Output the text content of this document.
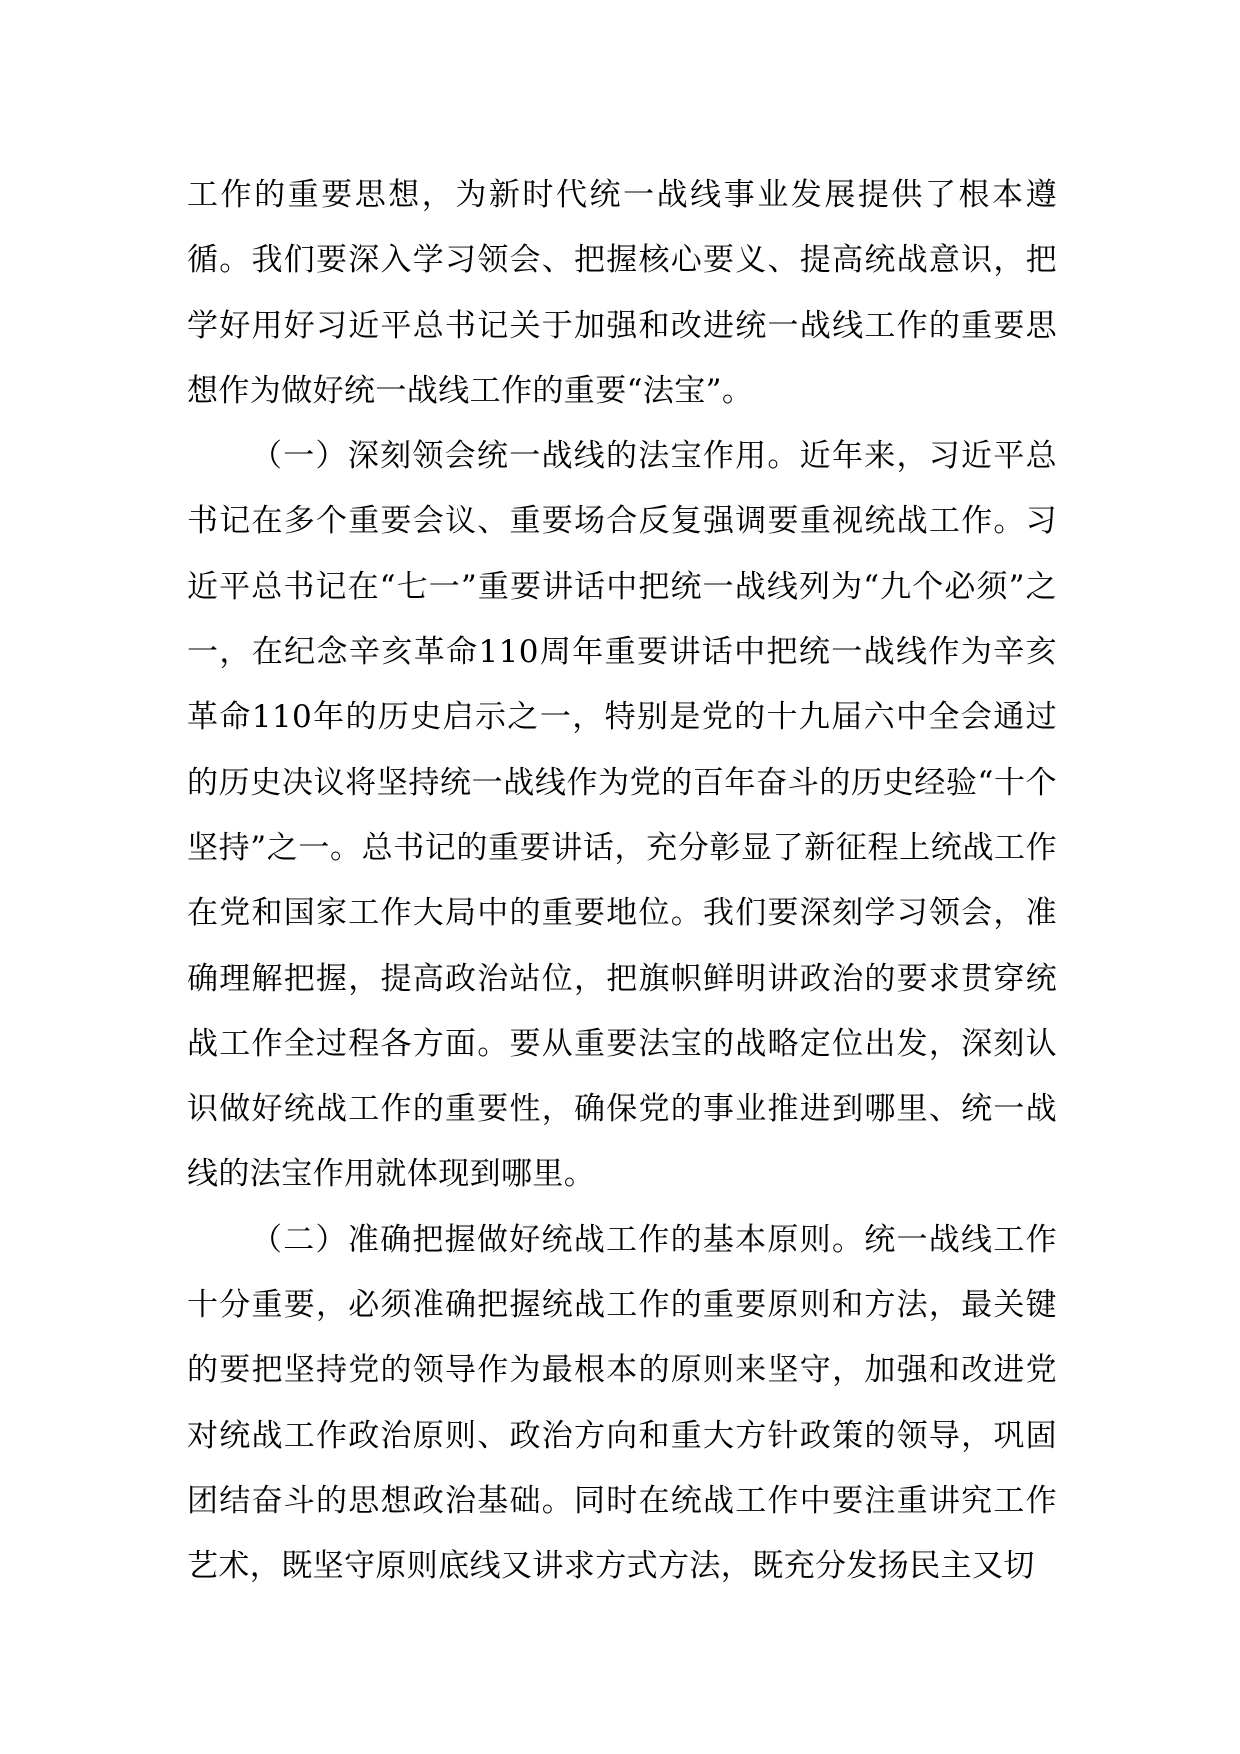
工作的重要思想，为新时代统一战线事业发展提供了根本遵循。我们要深入学习领会、把握核心要义、提高统战意识，把学好用好习近平总书记关于加强和改进统一战线工作的重要思想作为做好统一战线工作的重要“法宝”。

（一）深刻领会统一战线的法宝作用。近年来，习近平总书记在多个重要会议、重要场合反复强调要重视统战工作。习近平总书记在“七一”重要讲话中把统一战线列为“九个必须”之一，在纪念辛亥革命110周年重要讲话中把统一战线作为辛亥革命110年的历史启示之一，特别是党的十九届六中全会通过的历史决议将坚持统一战线作为党的百年奋斗的历史经验“十个坚持”之一。总书记的重要讲话，充分彰显了新征程上统战工作在党和国家工作大局中的重要地位。我们要深刻学习领会，准确理解把握，提高政治站位，把旗帜鲜明讲政治的要求贯穿统战工作全过程各方面。要从重要法宝的战略定位出发，深刻认识做好统战工作的重要性，确保党的事业推进到哪里、统一战线的法宝作用就体现到哪里。

（二）准确把握做好统战工作的基本原则。统一战线工作十分重要，必须准确把握统战工作的重要原则和方法，最关键的要把坚持党的领导作为最根本的原则来坚守，加强和改进党对统战工作政治原则、政治方向和重大方针政策的领导，巩固团结奋斗的思想政治基础。同时在统战工作中要注重讲究工作艺术，既坚守原则底线又讲求方式方法，既充分发扬民主又切
